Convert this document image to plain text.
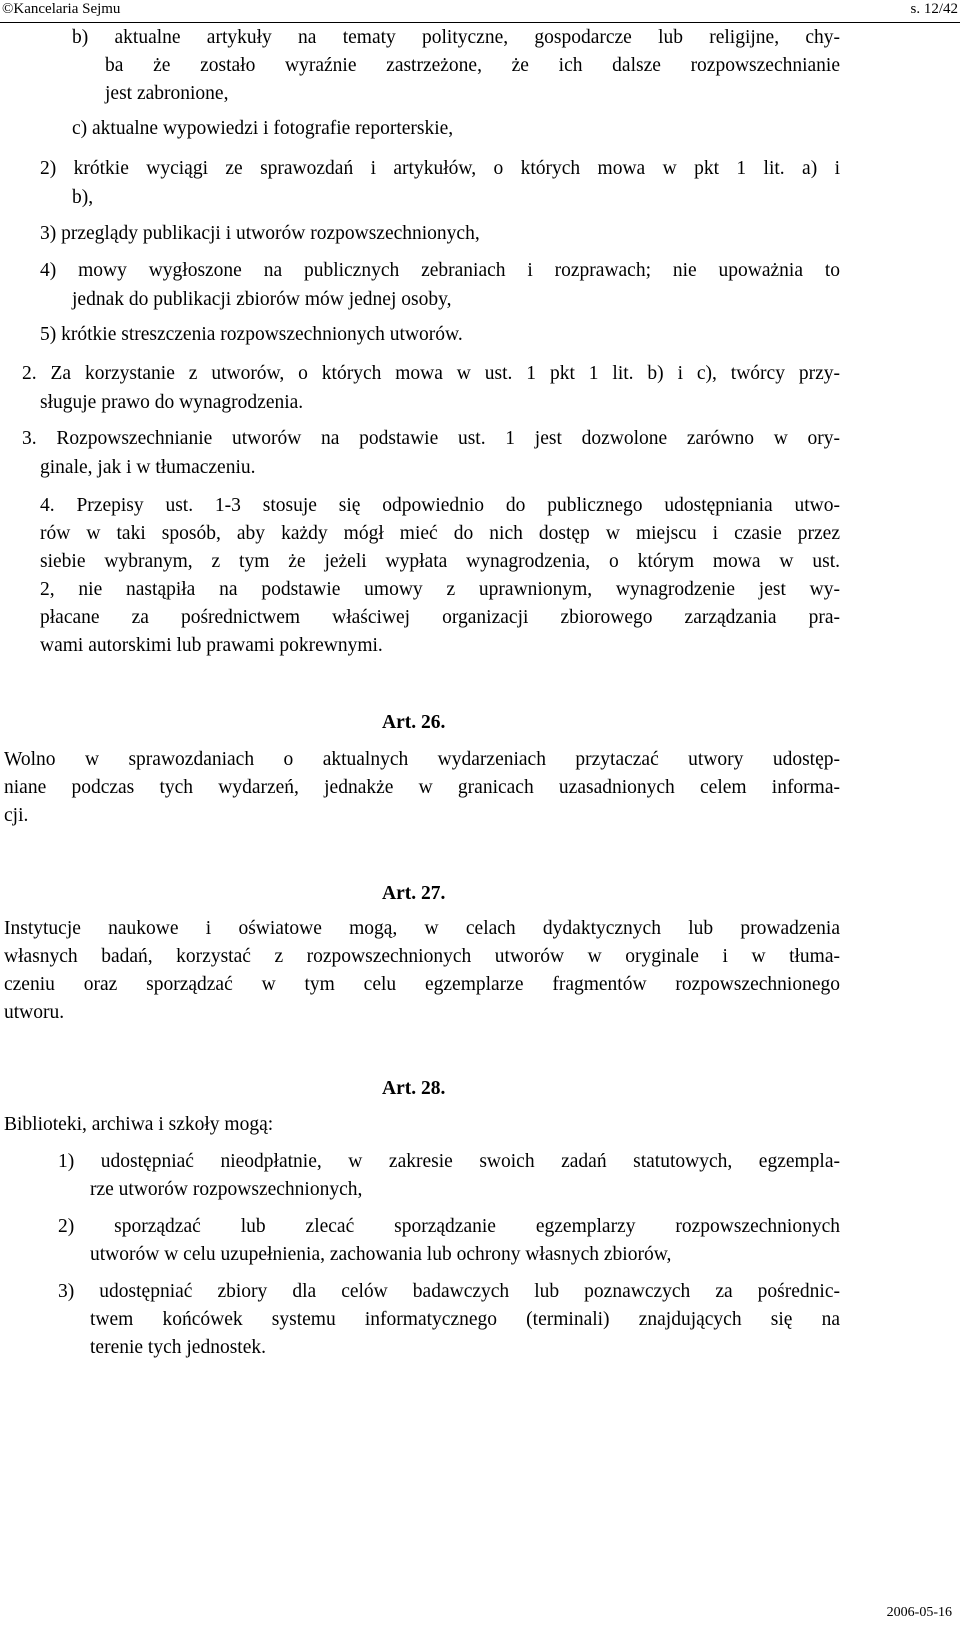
©Kancelaria Sejmu	s. 12/42
b) aktualne artykuły na tematy polityczne, gospodarcze lub religijne, chy-
ba że zostało wyraźnie zastrzeżone, że ich dalsze rozpowszechnianie
jest zabronione,
c) aktualne wypowiedzi i fotografie reporterskie,
2) krótkie wyciągi ze sprawozdań i artykułów, o których mowa w pkt 1 lit. a) i
b),
3) przeglądy publikacji i utworów rozpowszechnionych,
4) mowy wygłoszone na publicznych zebraniach i rozprawach; nie upoważnia to
jednak do publikacji zbiorów mów jednej osoby,
5) krótkie streszczenia rozpowszechnionych utworów.
2. Za korzystanie z utworów, o których mowa w ust. 1 pkt 1 lit. b) i c), twórcy przy-
sługuje prawo do wynagrodzenia.
3. Rozpowszechnianie utworów na podstawie ust. 1 jest dozwolone zarówno w ory-
ginale, jak i w tłumaczeniu.
4. Przepisy ust. 1-3 stosuje się odpowiednio do publicznego udostępniania utwo-
rów w taki sposób, aby każdy mógł mieć do nich dostęp w miejscu i czasie przez
siebie wybranym, z tym że jeżeli wypłata wynagrodzenia, o którym mowa w ust.
2, nie nastąpiła na podstawie umowy z uprawnionym, wynagrodzenie jest wy-
płacane za pośrednictwem właściwej organizacji zbiorowego zarządzania pra-
wami autorskimi lub prawami pokrewnymi.
Art. 26.
Wolno w sprawozdaniach o aktualnych wydarzeniach przytaczać utwory udostęp-
niane podczas tych wydarzeń, jednakże w granicach uzasadnionych celem informa-
cji.
Art. 27.
Instytucje naukowe i oświatowe mogą, w celach dydaktycznych lub prowadzenia
własnych badań, korzystać z rozpowszechnionych utworów w oryginale i w tłuma-
czeniu oraz sporządzać w tym celu egzemplarze fragmentów rozpowszechnionego
utworu.
Art. 28.
Biblioteki, archiwa i szkoły mogą:
1) udostępniać nieodpłatnie, w zakresie swoich zadań statutowych, egzempla-
rze utworów rozpowszechnionych,
2) sporządzać lub zlecać sporządzanie egzemplarzy rozpowszechnionych
utworów w celu uzupełnienia, zachowania lub ochrony własnych zbiorów,
3) udostępniać zbiory dla celów badawczych lub poznawczych za pośrednic-
twem końcówek systemu informatycznego (terminali) znajdujących się na
terenie tych jednostek.
2006-05-16
